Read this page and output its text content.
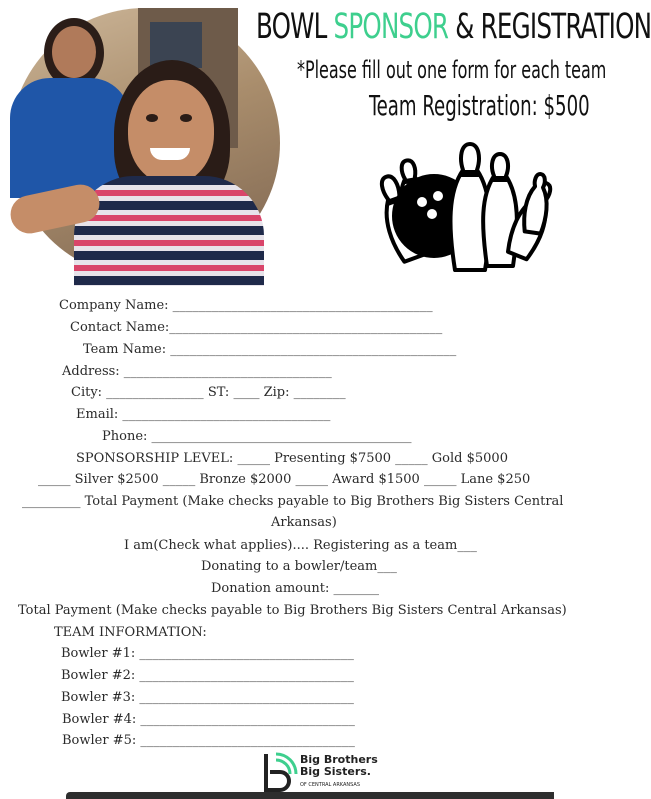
BOWL SPONSOR & REGISTRATION
*Please fill out one form for each team
Team Registration: $500
Company Name: ________________________________________
Contact Name:__________________________________________
Team Name: ____________________________________________
Address: ________________________________
City: _______________ ST: ____ Zip: ________
Email: ________________________________
Phone: ________________________________________
SPONSORSHIP LEVEL: _____ Presenting $7500 _____ Gold $5000
_____ Silver $2500 _____ Bronze $2000 _____ Award $1500 _____ Lane $250
_________ Total Payment (Make checks payable to Big Brothers Big Sisters Central
Arkansas)
I am(Check what applies).... Registering as a team___
Donating to a bowler/team___
Donation amount: _______
Total Payment (Make checks payable to Big Brothers Big Sisters Central Arkansas)
TEAM INFORMATION:
Bowler #1: _________________________________
Bowler #2: _________________________________
Bowler #3: _________________________________
Bowler #4: _________________________________
Bowler #5: _________________________________
Big Brothers
Big Sisters.
OF CENTRAL ARKANSAS
